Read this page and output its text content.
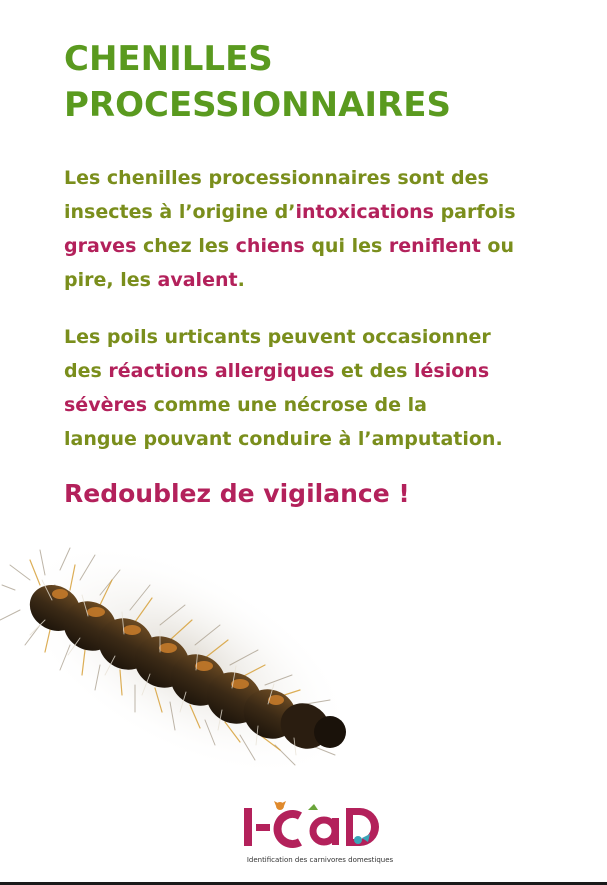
CHENILLES
PROCESSIONNAIRES

Les chenilles processionnaires sont des
insectes à l’origine d’intoxications parfois
graves chez les chiens qui les reniflent ou
pire, les avalent.

Les poils urticants peuvent occasionner
des réactions allergiques et des lésions
sévères comme une nécrose de la
langue pouvant conduire à l’amputation.

Redoublez de vigilance !

Identification des carnivores domestiques
